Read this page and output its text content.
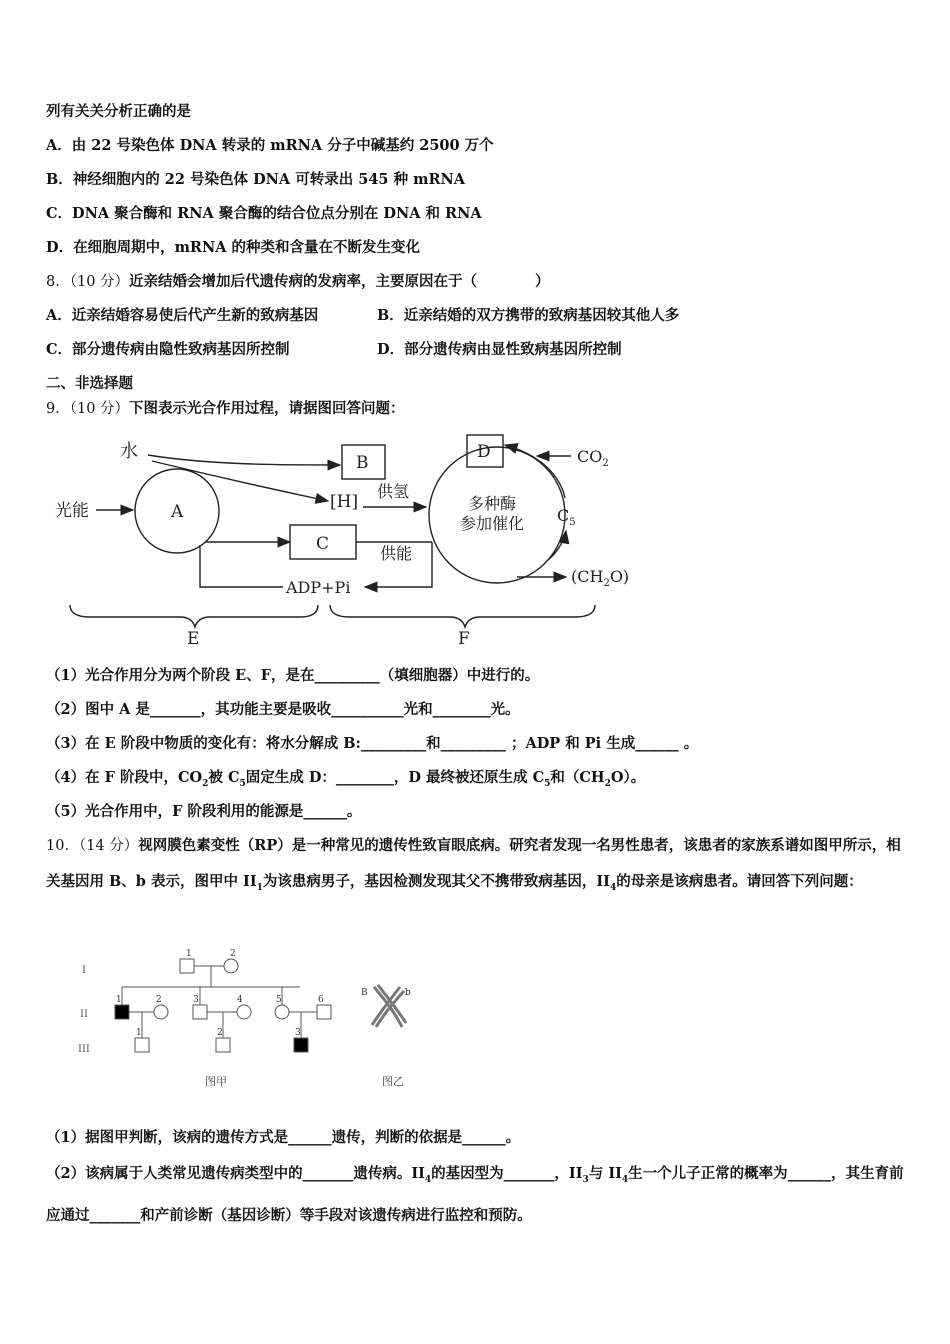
列有关关分析正确的是
A．由 22 号染色体 DNA 转录的 mRNA 分子中碱基约 2500 万个
B．神经细胞内的 22 号染色体 DNA 可转录出 545 种 mRNA
C．DNA 聚合酶和 RNA 聚合酶的结合位点分别在 DNA 和 RNA
D．在细胞周期中，mRNA 的种类和含量在不断发生变化
8．（10 分）近亲结婚会增加后代遗传病的发病率，主要原因在于（　　　　）
A．近亲结婚容易使后代产生新的致病基因	B．近亲结婚的双方携带的致病基因较其他人多
C．部分遗传病由隐性致病基因所控制	D．部分遗传病由显性致病基因所控制
二、非选择题
9．（10 分）下图表示光合作用过程，请据图回答问题：
水
光能	A
B
[H]
供氢
C	供能
ADP+Pi
多种酶
参加催化
D	$CO_2$
$C_5$
$(CH_2O)$
E	F
（1）光合作用分为两个阶段 E、F，是在_________（填细胞器）中进行的。
（2）图中 A 是_______，其功能主要是吸收__________光和________光。
（3）在 E 阶段中物质的变化有：将水分解成 B:_________和_________ ；ADP 和 Pi 生成______ 。
（4）在 F 阶段中，$CO_2$被 $C_5$固定生成 D：________，D 最终被还原生成 $C_5$和$(CH_2O)$。
（5）光合作用中，F 阶段利用的能源是______。
10．（14 分）视网膜色素变性（RP）是一种常见的遗传性致盲眼底病。研究者发现一名男性患者，该患者的家族系谱如图甲所示，相关基因用 B、b 表示，图甲中 $II_1$为该患病男子，基因检测发现其父不携带致病基因，$II_4$的母亲是该病患者。请回答下列问题：
I
II
III
1	2
1	2	3	4	5	6
1	2	3
图甲
B	b
图乙
（1）据图甲判断，该病的遗传方式是______遗传，判断的依据是______。
（2）该病属于人类常见遗传病类型中的_______遗传病。$II_4$的基因型为_______，$II_3$与 $II_4$生一个儿子正常的概率为______，其生育前应通过_______和产前诊断（基因诊断）等手段对该遗传病进行监控和预防。
